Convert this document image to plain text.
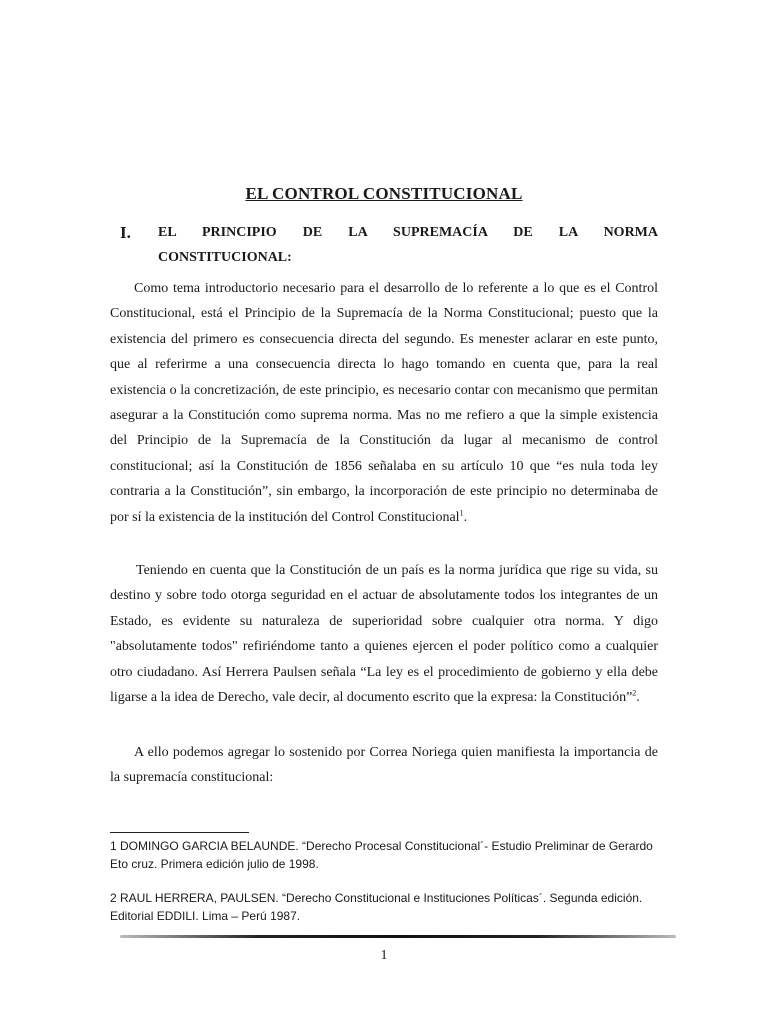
EL CONTROL CONSTITUCIONAL
I. EL PRINCIPIO DE LA SUPREMACÍA DE LA NORMA
CONSTITUCIONAL:

Como tema introductorio necesario para el desarrollo de lo referente a lo que es el Control Constitucional, está el Principio de la Supremacía de la Norma Constitucional; puesto que la existencia del primero es consecuencia directa del segundo. Es menester aclarar en este punto, que al referirme a una consecuencia directa lo hago tomando en cuenta que, para la real existencia o la concretización, de este principio, es necesario contar con mecanismo que permitan asegurar a la Constitución como suprema norma. Mas no me refiero a que la simple existencia del Principio de la Supremacía de la Constitución da lugar al mecanismo de control constitucional; así la Constitución de 1856 señalaba en su artículo 10 que “es nula toda ley contraria a la Constitución”, sin embargo, la incorporación de este principio no determinaba de por sí la existencia de la institución del Control Constitucional$^1$.

Teniendo en cuenta que la Constitución de un país es la norma jurídica que rige su vida, su destino y sobre todo otorga seguridad en el actuar de absolutamente todos los integrantes de un Estado, es evidente su naturaleza de superioridad sobre cualquier otra norma. Y digo "absolutamente todos" refiriéndome tanto a quienes ejercen el poder político como a cualquier otro ciudadano. Así Herrera Paulsen señala “La ley es el procedimiento de gobierno y ella debe ligarse a la idea de Derecho, vale decir, al documento escrito que la expresa: la Constitución”$^2$.

A ello podemos agregar lo sostenido por Correa Noriega quien manifiesta la importancia de la supremacía constitucional:

1 DOMINGO GARCIA BELAUNDE. “Derecho Procesal Constitucional´- Estudio Preliminar de Gerardo Eto cruz. Primera edición julio de 1998.

2 RAUL HERRERA, PAULSEN. “Derecho Constitucional e Instituciones Políticas´. Segunda edición. Editorial EDDILI. Lima – Perú 1987.

1
